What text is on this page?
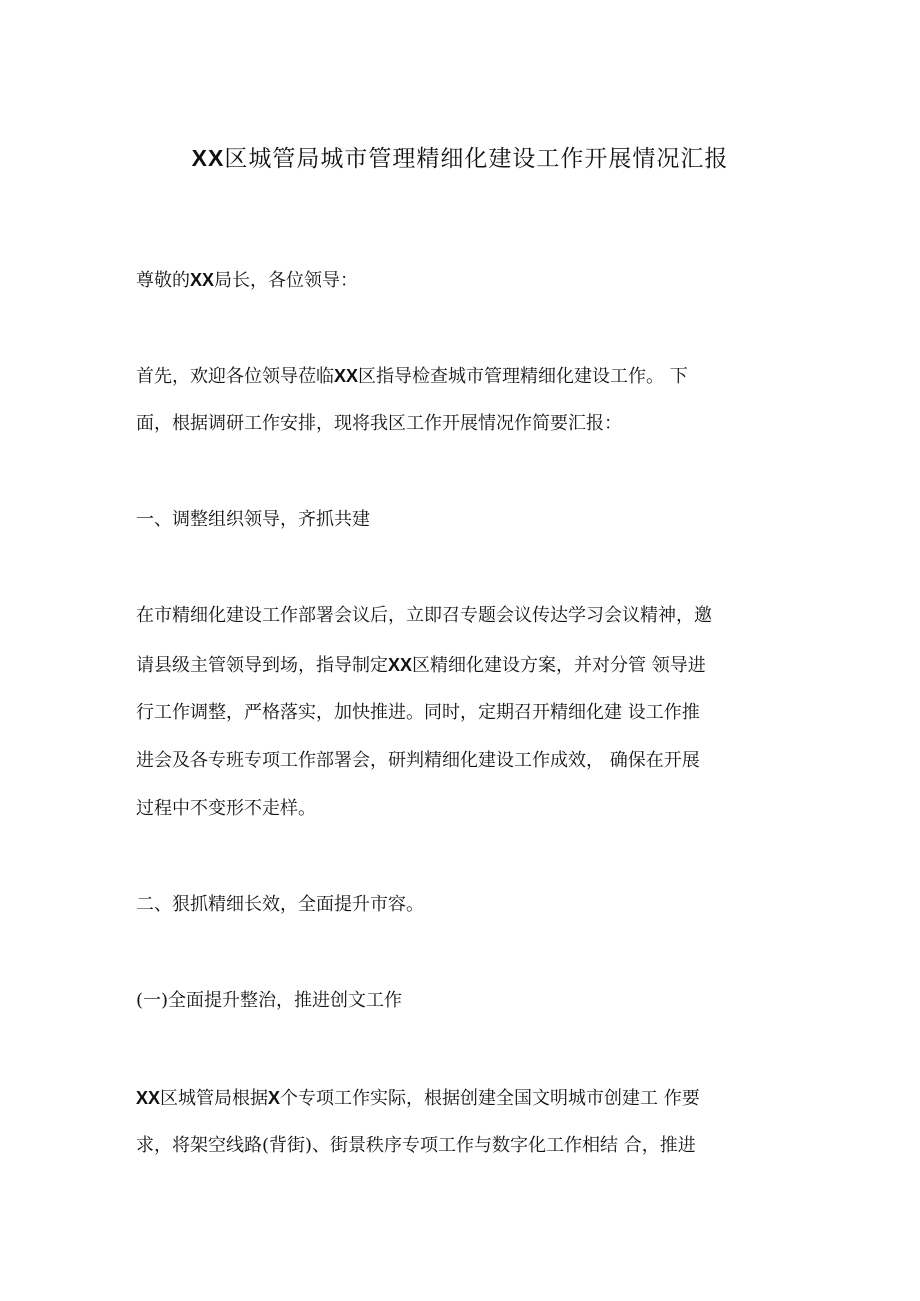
XX区城管局城市管理精细化建设工作开展情况汇报
尊敬的XX局长，各位领导：
首先，欢迎各位领导莅临XX区指导检查城市管理精细化建设工作。 下
面，根据调研工作安排，现将我区工作开展情况作简要汇报：
一、调整组织领导，齐抓共建
在市精细化建设工作部署会议后，立即召专题会议传达学习会议精神，邀
请县级主管领导到场，指导制定XX区精细化建设方案，并对分管 领导进
行工作调整，严格落实，加快推进。同时，定期召开精细化建 设工作推
进会及各专班专项工作部署会，研判精细化建设工作成效， 确保在开展
过程中不变形不走样。
二、狠抓精细长效，全面提升市容。
(一)全面提升整治，推进创文工作
XX区城管局根据X个专项工作实际，根据创建全国文明城市创建工 作要
求，将架空线路(背街)、街景秩序专项工作与数字化工作相结 合，推进
